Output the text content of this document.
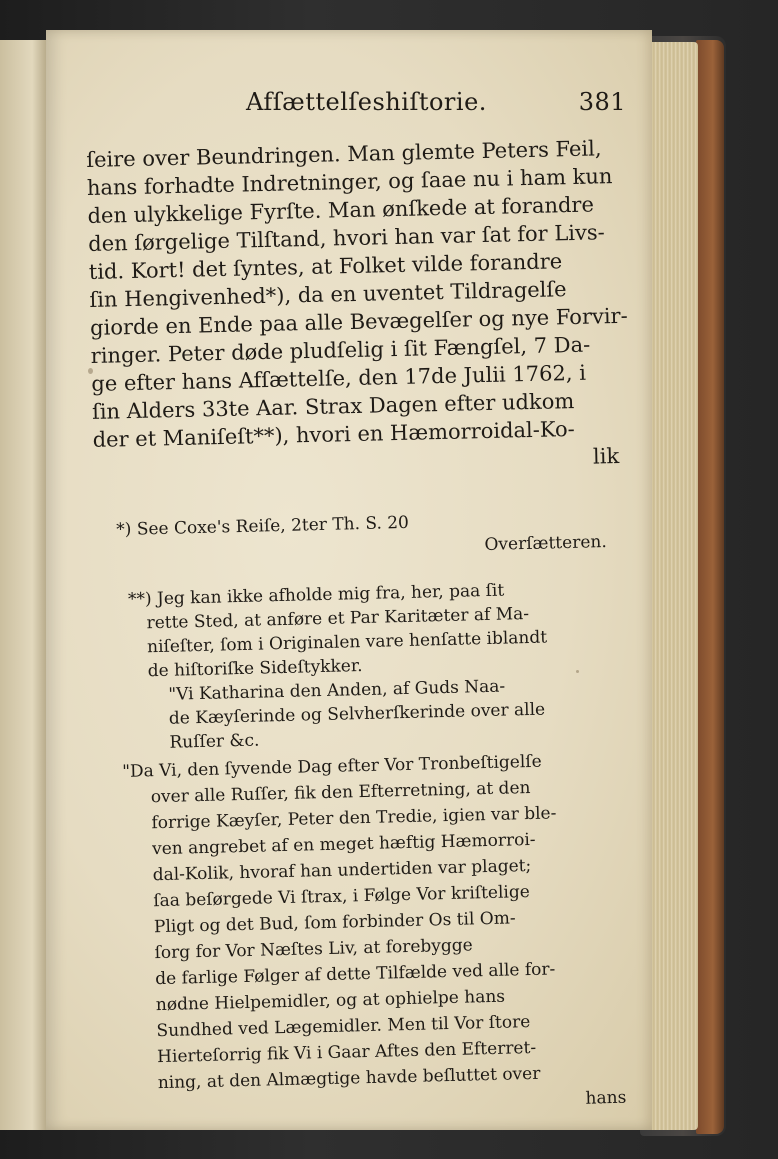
Afſættelſeshiſtorie.	381
ſeire over Beundringen. Man glemte Peters Feil,
hans forhadte Indretninger, og ſaae nu i ham kun
den ulykkelige Fyrſte. Man ønſkede at forandre
den ſørgelige Tilſtand, hvori han var ſat for Livs-
tid. Kort! det ſyntes, at Folket vilde forandre
ſin Hengivenhed*), da en uventet Tildragelſe
giorde en Ende paa alle Bevægelſer og nye Forvir-
ringer. Peter døde pludſelig i ſit Fængſel, 7 Da-
ge efter hans Afſættelſe, den 17de Julii 1762, i
ſin Alders 33te Aar. Strax Dagen efter udkom
der et Maniſeſt**), hvori en Hæmorroidal-Ko-
lik
*) See Coxe's Reiſe, 2ter Th. S. 20
Overſætteren.
**) Jeg kan ikke afholde mig fra, her, paa ſit
rette Sted, at anføre et Par Karitæter af Ma-
niſeſter, ſom i Originalen vare henſatte iblandt
de hiſtoriſke Sideſtykker.
"Vi Katharina den Anden, af Guds Naa-
de Kæyſerinde og Selvherſkerinde over alle
Ruſſer &c.
"Da Vi, den ſyvende Dag efter Vor Tronbeſtigelſe
over alle Ruſſer, fik den Efterretning, at den
forrige Kæyſer, Peter den Tredie, igien var ble-
ven angrebet af en meget hæftig Hæmorroi-
dal-Kolik, hvoraf han undertiden var plaget;
ſaa beſørgede Vi ſtrax, i Følge Vor kriſtelige
Pligt og det Bud, ſom forbinder Os til Om-
ſorg for Vor Næſtes Liv, at forebygge
de farlige Følger af dette Tilfælde ved alle for-
nødne Hielpemidler, og at ophielpe hans
Sundhed ved Lægemidler. Men til Vor ſtore
Hierteſorrig fik Vi i Gaar Aftes den Efterret-
ning, at den Almægtige havde beſluttet over
hans
